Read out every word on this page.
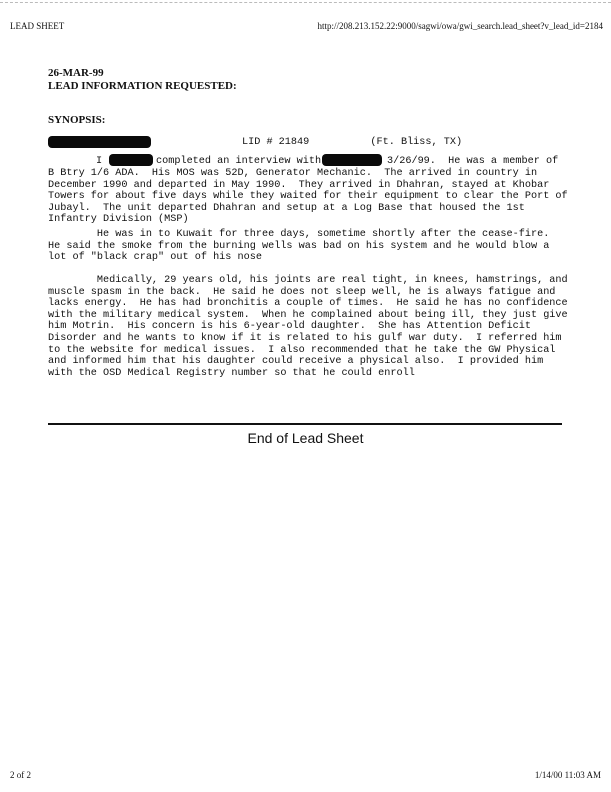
LEAD SHEET	http://208.213.152.22:9000/sagwi/owa/gwi_search.lead_sheet?v_lead_id=2184
26-MAR-99
LEAD INFORMATION REQUESTED:
SYNOPSIS:
LID # 21849          (Ft. Bliss, TX)
I	completed an interview with	3/26/99.  He was a member of
B Btry 1/6 ADA.  His MOS was 52D, Generator Mechanic.  The arrived in country in
December 1990 and departed in May 1990.  They arrived in Dhahran, stayed at Khobar
Towers for about five days while they waited for their equipment to clear the Port of
Jubayl.  The unit departed Dhahran and setup at a Log Base that housed the 1st
Infantry Division (MSP)
He was in to Kuwait for three days, sometime shortly after the cease-fire.
He said the smoke from the burning wells was bad on his system and he would blow a
lot of "black crap" out of his nose
Medically, 29 years old, his joints are real tight, in knees, hamstrings, and
muscle spasm in the back.  He said he does not sleep well, he is always fatigue and
lacks energy.  He has had bronchitis a couple of times.  He said he has no confidence
with the military medical system.  When he complained about being ill, they just give
him Motrin.  His concern is his 6-year-old daughter.  She has Attention Deficit
Disorder and he wants to know if it is related to his gulf war duty.  I referred him
to the website for medical issues.  I also recommended that he take the GW Physical
and informed him that his daughter could receive a physical also.  I provided him
with the OSD Medical Registry number so that he could enroll
End of Lead Sheet
2 of 2	1/14/00 11:03 AM
